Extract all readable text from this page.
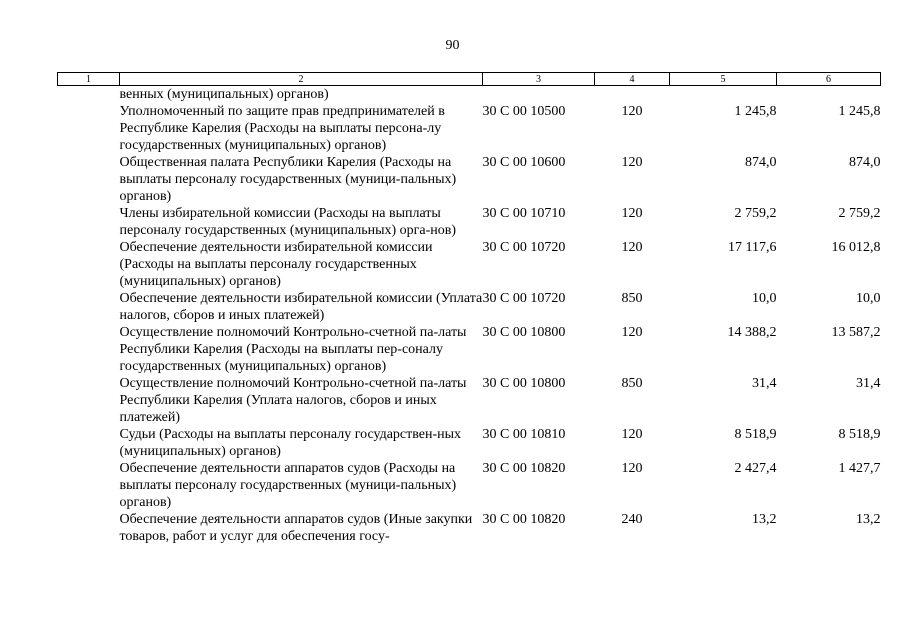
90
1	2	3	4	5	6
	венных (муниципальных) органов)				
	Уполномоченный по защите прав предпринимателей в Республике Карелия (Расходы на выплаты персона-лу государственных (муниципальных) органов)	30 С 00 10500	120	1 245,8	1 245,8
	Общественная палата Республики Карелия (Расходы на выплаты персоналу государственных (муници-пальных) органов)	30 С 00 10600	120	874,0	874,0
	Члены избирательной комиссии (Расходы на выплаты персоналу государственных (муниципальных) орга-нов)	30 С 00 10710	120	2 759,2	2 759,2
	Обеспечение деятельности избирательной комиссии (Расходы на выплаты персоналу государственных (муниципальных) органов)	30 С 00 10720	120	17 117,6	16 012,8
	Обеспечение деятельности избирательной комиссии (Уплата налогов, сборов и иных платежей)	30 С 00 10720	850	10,0	10,0
	Осуществление полномочий Контрольно-счетной па-латы Республики Карелия (Расходы на выплаты пер-соналу государственных (муниципальных) органов)	30 С 00 10800	120	14 388,2	13 587,2
	Осуществление полномочий Контрольно-счетной па-латы Республики Карелия (Уплата налогов, сборов и иных платежей)	30 С 00 10800	850	31,4	31,4
	Судьи (Расходы на выплаты персоналу государствен-ных (муниципальных) органов)	30 С 00 10810	120	8 518,9	8 518,9
	Обеспечение деятельности аппаратов судов (Расходы на выплаты персоналу государственных (муници-пальных) органов)	30 С 00 10820	120	2 427,4	1 427,7
	Обеспечение деятельности аппаратов судов (Иные закупки товаров, работ и услуг для обеспечения госу-	30 С 00 10820	240	13,2	13,2
